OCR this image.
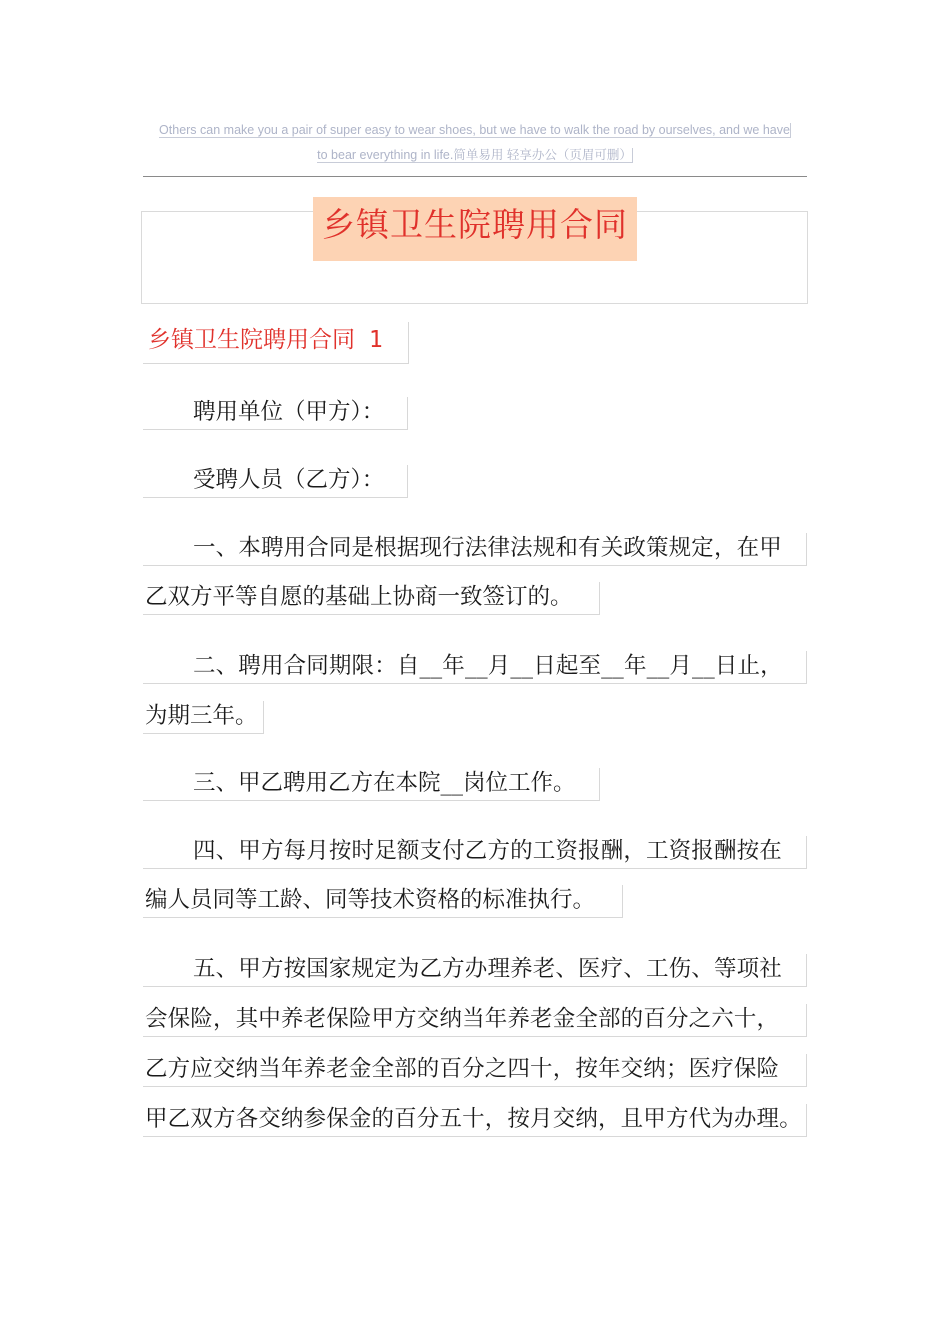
Others can make you a pair of super easy to wear shoes, but we have to walk the road by ourselves, and we have
to bear everything in life.简单易用 轻享办公（页眉可删）
乡镇卫生院聘用合同
乡镇卫生院聘用合同 1
聘用单位（甲方）：
受聘人员（乙方）：
一、本聘用合同是根据现行法律法规和有关政策规定，在甲
乙双方平等自愿的基础上协商一致签订的。
二、聘用合同期限：自__年__月__日起至__年__月__日止，
为期三年。
三、甲乙聘用乙方在本院__岗位工作。
四、甲方每月按时足额支付乙方的工资报酬，工资报酬按在
编人员同等工龄、同等技术资格的标准执行。
五、甲方按国家规定为乙方办理养老、医疗、工伤、等项社
会保险，其中养老保险甲方交纳当年养老金全部的百分之六十，
乙方应交纳当年养老金全部的百分之四十，按年交纳；医疗保险
甲乙双方各交纳参保金的百分五十，按月交纳，且甲方代为办理。
